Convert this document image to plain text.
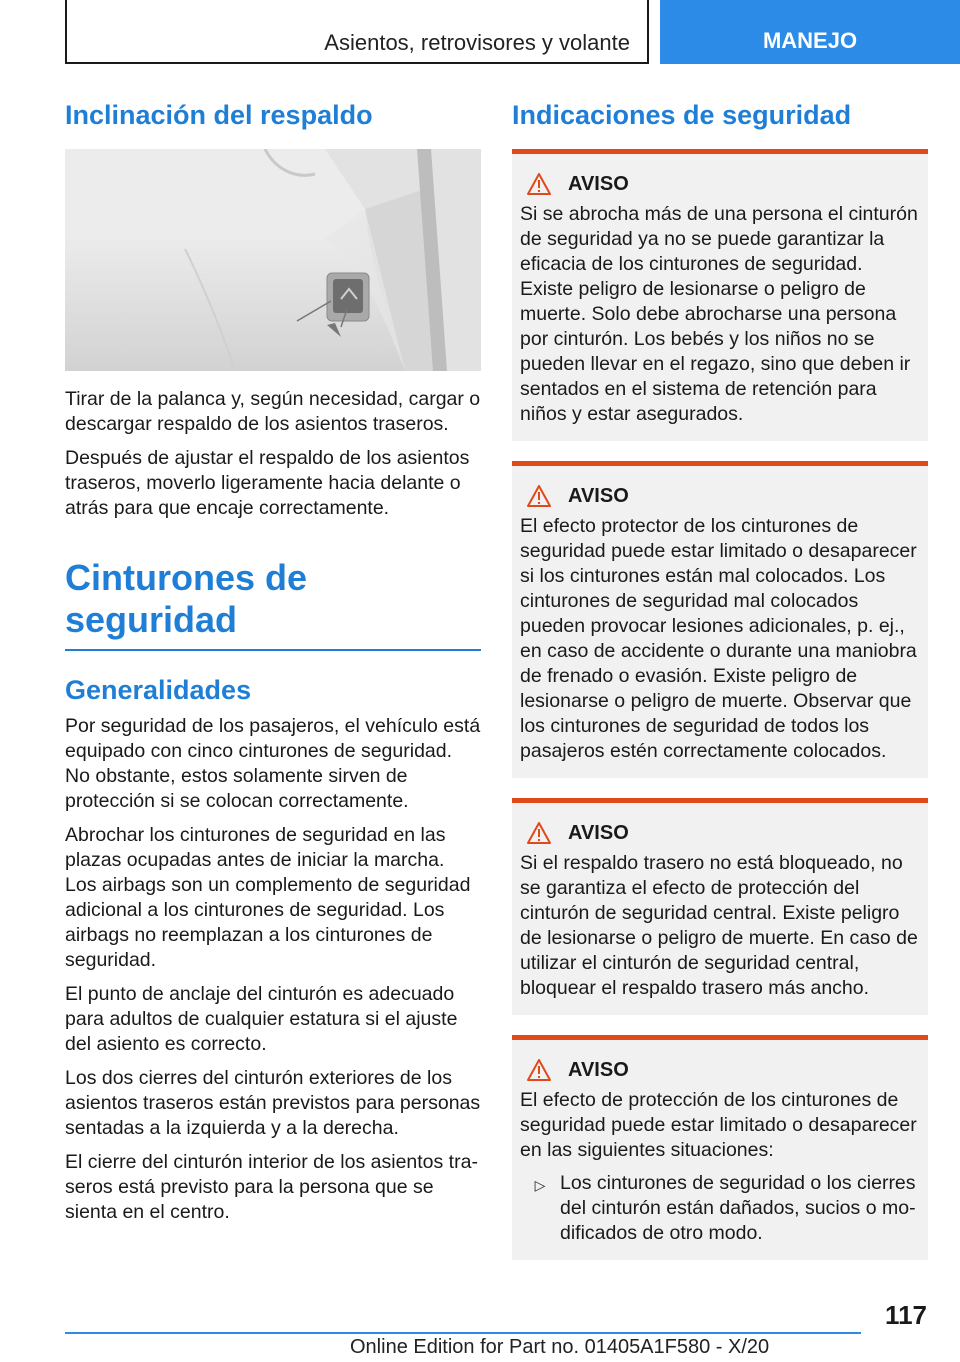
Asientos, retrovisores y volante	MANEJO
Inclinación del respaldo

Tirar de la palanca y, según necesidad, cargar o descargar respaldo de los asientos traseros.

Después de ajustar el respaldo de los asientos traseros, moverlo ligeramente hacia delante o atrás para que encaje correctamente.

Cinturones de seguridad
Generalidades

Por seguridad de los pasajeros, el vehículo está equipado con cinco cinturones de seguridad. No obstante, estos solamente sirven de protección si se colocan correctamente.

Abrochar los cinturones de seguridad en las plazas ocupadas antes de iniciar la marcha. Los airbags son un complemento de seguridad adicional a los cinturones de seguridad. Los airbags no reemplazan a los cinturones de seguridad.

El punto de anclaje del cinturón es adecuado para adultos de cualquier estatura si el ajuste del asiento es correcto.

Los dos cierres del cinturón exteriores de los asientos traseros están previstos para personas sentadas a la izquierda y a la derecha.

El cierre del cinturón interior de los asientos traseros está previsto para la persona que se sienta en el centro.

Indicaciones de seguridad
AVISO

Si se abrocha más de una persona el cinturón de seguridad ya no se puede garantizar la eficacia de los cinturones de seguridad. Existe peligro de lesionarse o peligro de muerte. Solo debe abrocharse una persona por cinturón. Los bebés y los niños no se pueden llevar en el regazo, sino que deben ir sentados en el sistema de retención para niños y estar asegurados.

AVISO

El efecto protector de los cinturones de seguridad puede estar limitado o desaparecer si los cinturones están mal colocados. Los cinturones de seguridad mal colocados pueden provocar lesiones adicionales, p. ej., en caso de accidente o durante una maniobra de frenado o evasión. Existe peligro de lesionarse o peligro de muerte. Observar que los cinturones de seguridad de todos los pasajeros estén correctamente colocados.

AVISO

Si el respaldo trasero no está bloqueado, no se garantiza el efecto de protección del cinturón de seguridad central. Existe peligro de lesionarse o peligro de muerte. En caso de utilizar el cinturón de seguridad central, bloquear el respaldo trasero más ancho.

AVISO

El efecto de protección de los cinturones de seguridad puede estar limitado o desaparecer en las siguientes situaciones:

▷ Los cinturones de seguridad o los cierres del cinturón están dañados, sucios o modificados de otro modo.
117
Online Edition for Part no. 01405A1F580 - X/20
